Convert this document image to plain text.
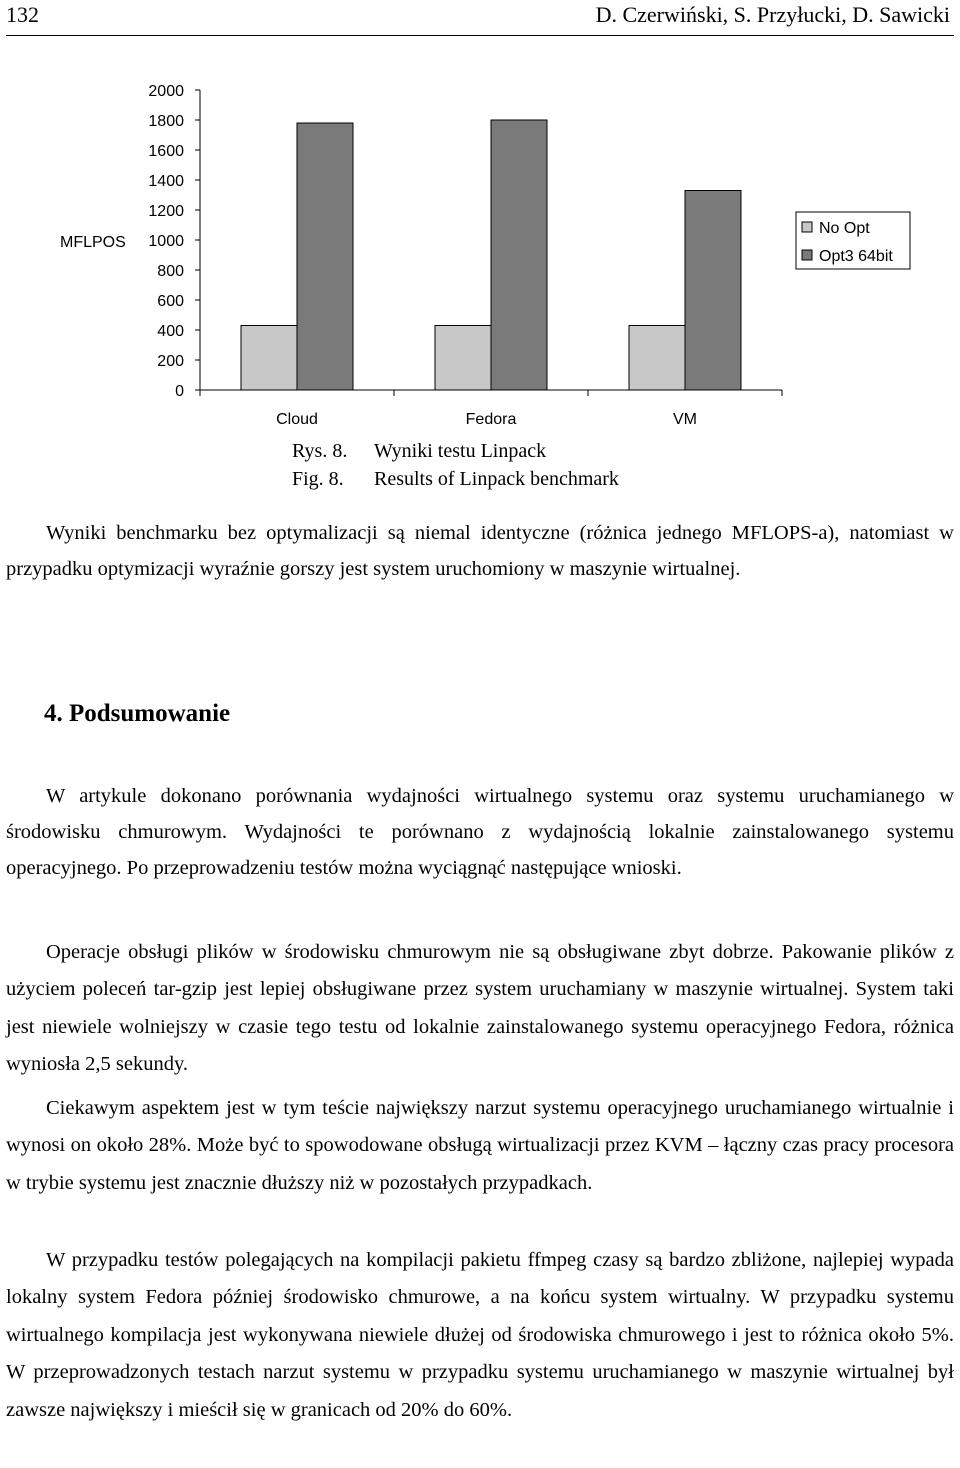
132	D. Czerwiński, S. Przyłucki, D. Sawicki
0
200
400
600
800
1000
1200
1400
1600
1800
2000
MFLPOS
Cloud	Fedora	VM
No Opt
Opt3 64bit
Rys. 8. Wyniki testu Linpack
Fig. 8. Results of Linpack benchmark

Wyniki benchmarku bez optymalizacji są niemal identyczne (różnica jednego MFLOPS-a), natomiast w przypadku optymizacji wyraźnie gorszy jest system uruchomiony w maszynie wirtualnej.

4. Podsumowanie

W artykule dokonano porównania wydajności wirtualnego systemu oraz systemu uruchamianego w środowisku chmurowym. Wydajności te porównano z wydajnością lokalnie zainstalowanego systemu operacyjnego. Po przeprowadzeniu testów można wyciągnąć następujące wnioski.

Operacje obsługi plików w środowisku chmurowym nie są obsługiwane zbyt dobrze. Pakowanie plików z użyciem poleceń tar-gzip jest lepiej obsługiwane przez system uruchamiany w maszynie wirtualnej. System taki jest niewiele wolniejszy w czasie tego testu od lokalnie zainstalowanego systemu operacyjnego Fedora, różnica wyniosła 2,5 sekundy.

Ciekawym aspektem jest w tym teście największy narzut systemu operacyjnego uruchamianego wirtualnie i wynosi on około 28%. Może być to spowodowane obsługą wirtualizacji przez KVM – łączny czas pracy procesora w trybie systemu jest znacznie dłuższy niż w pozostałych przypadkach.

W przypadku testów polegających na kompilacji pakietu ffmpeg czasy są bardzo zbliżone, najlepiej wypada lokalny system Fedora później środowisko chmurowe, a na końcu system wirtualny. W przypadku systemu wirtualnego kompilacja jest wykonywana niewiele dłużej od środowiska chmurowego i jest to różnica około 5%. W przeprowadzonych testach narzut systemu w przypadku systemu uruchamianego w maszynie wirtualnej był zawsze największy i mieścił się w granicach od 20% do 60%.
